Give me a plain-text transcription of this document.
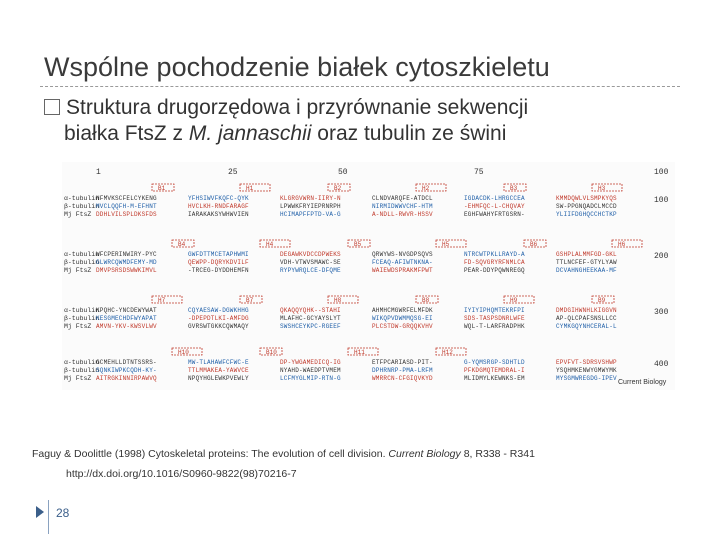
Wspólne pochodzenie białek cytoszkieletu
Struktura drugorzędowa i przyrównanie sekwencji
białka FtsZ z M. jannaschii oraz tubulin ze świni
1	25	50	75	100
B1	H1	B2	H2	B3	H3
α-tubulin
NFMVKSCFELCYKENG	YFHSIWVFKQFC-QYK	KLGRGVWRN-IIRY-N	CLNDVARQFE-ATDCL	IGDACDK-LHRGCCEA	KMMDQWLVLSMPKYQS
β-tubulin
MVCLQQFH-M-EFHNT	HVCLKH-RNDFARAGF	LPWWKFRYIEPRNRPH	NIRMIDWWVCHF-HTM	-EHMFQC-L-CHQVAY	SW-PPGNQADCLMCCD
Mj FtsZ DDHLVILSPLDKSFDS	IARAKAKSYWHWVIEN	HCIMAPFFPTD-VA-G	A-NDLL-RWVR-HSSV	EGHFWAHYFRTGSRN-	YLIIFDGHQCCHCTKP
100
B4	H4	B5	H5	B6	H6
α-tubulin
WFCPERINWIRY-PYC	GWFDTTMCETAPHWMI	DEGAWKVDCCDPWEKS	QRWYWS-NVGDPSQVS	NTRCWTPKLLRAYD-A	GSHPLALMMFGD-GKL
β-tubulin
GLWRCQWMDFEMY-MD	QEWPP-DQRYKDVILF	VDH-VTWVSMAWC-SE	FCEAQ-AFIWTNKNA-	FD-SQVGRYRFNMLCA	TTLNCFEF-GTYLYAW
Mj FtsZ DMVPSRSDSWWKIMVL	-TRCEG-DYDDHEMFN	RYPYWRQLCE-DFQME	WAIEWDSPRAKMFPWT	PEAR-DDYPQWNREGQ	DCVAHNGHEEKAA-MF
200
H7	B7	H8	B8	H9	B9
α-tubulin
KPQHC-YNCDEWYWAT	CQYAESAW-DGWKHHG	QKAQQYQHK--STAHI	AHMHCMGWRFELMFDK	IYIYIPHQMTEKRFPI	DMDGIHWNHLKIGGVN
β-tubulin
KESGMECHDFWYAPAT	-DPEPDTLKI-AMFDG	MLAFHC-GCYAYSLYT	WIKQPVDWMMQSG-EI	SDS-TASPSDNRLWFE	AP-QLCPAFSNSLLCC
Mj FtsZ AMVN-YKV-KWSVLWV	GVRSWTGKKCQWMAQY	SWSHCEYKPC-RGEEF	PLCSTDW-GRQQKVHV	WQL-T-LARFRADPHK	CYMKGQYNHCERAL-L
300
H10	B10	H11	H12
α-tubulin
GCMEHLLDTNTSSRS-	MW-TLAHAWFCFWC-E	DP-YWGAMEDICQ-IG	ETFPCARIASD-PIT-	G-YQMSRGP-SDHTLD	EPVFVT-SDRSVSHWP
β-tubulin
SQNKIWPKCQDH-KY-	TTLMMAKEA-YAWVCE	NYAHD-WAEDPTVMEM	DPHRNRP-PMA-LRFM	PFKDGMQTEMDRAL-I	YSQHMKENWYGMWYMK
Mj FtsZ AITRGKINNIRPAWVQ	NPQYHGLEWKPVEWLY	LCFMYGLMIP-RTN-G	WMRRCN-CFGIQVKYD	MLIDMYLKEWNKS-EM	MYSGMWREGDG-IPEV
400
Current Biology
Faguy & Doolittle (1998) Cytoskeletal proteins: The evolution of cell division. Current Biology 8, R338 - R341
http://dx.doi.org/10.1016/S0960-9822(98)70216-7
28
